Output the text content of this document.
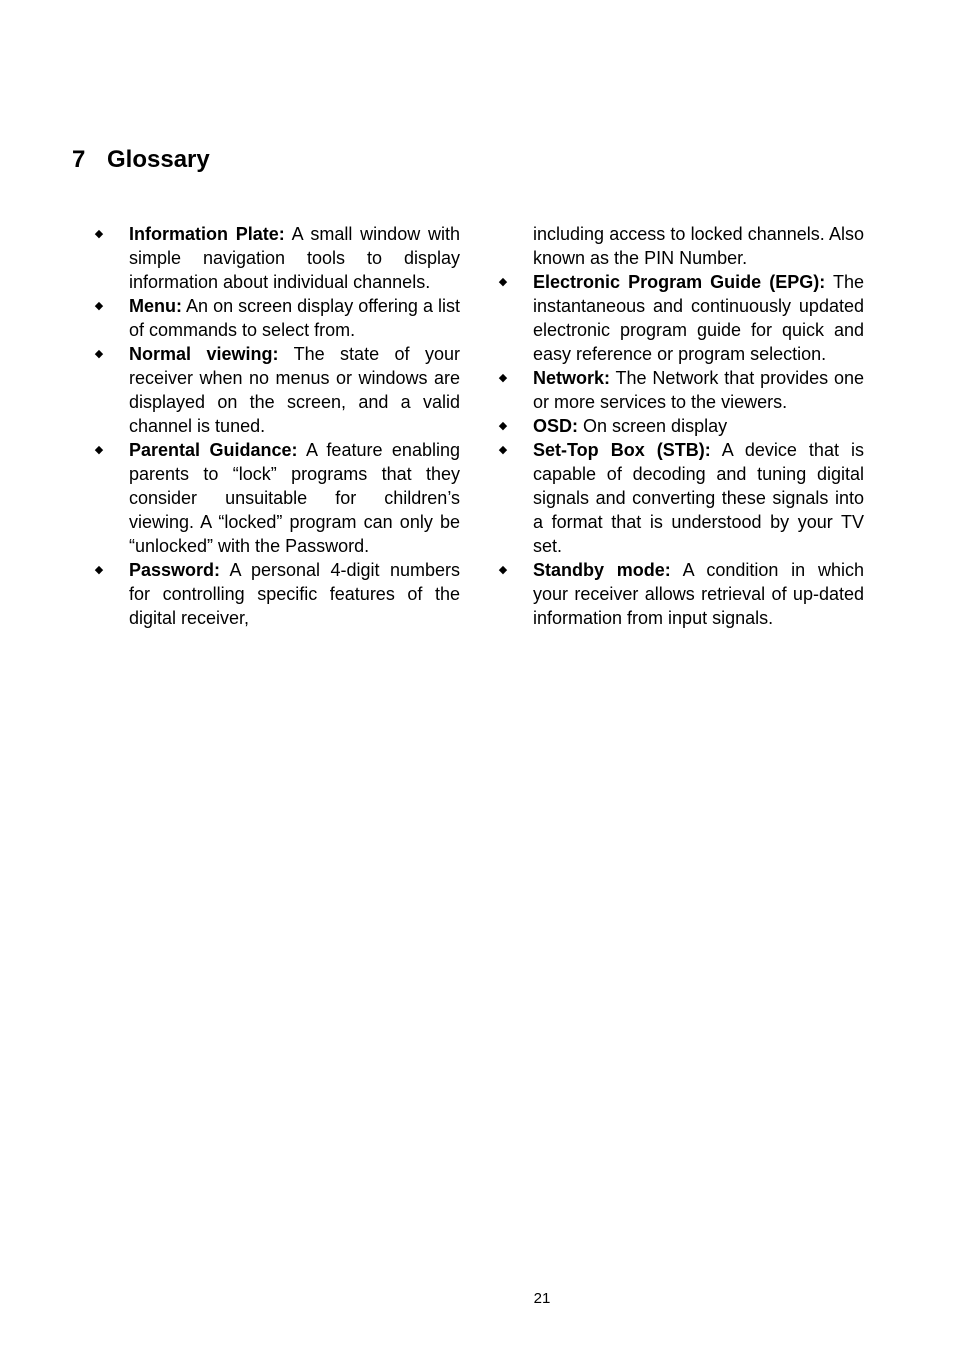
7 Glossary

◆ Information Plate: A small window with simple navigation tools to display information about individual channels.

◆ Menu: An on screen display offering a list of commands to select from.

◆ Normal viewing: The state of your receiver when no menus or windows are displayed on the screen, and a valid channel is tuned.

◆ Parental Guidance: A feature enabling parents to “lock” programs that they consider unsuitable for children’s viewing. A “locked” program can only be “unlocked” with the Password.

◆ Password: A personal 4-digit numbers for controlling specific features of the digital receiver,

including access to locked channels. Also known as the PIN Number.

◆ Electronic Program Guide (EPG): The instantaneous and continuously updated electronic program guide for quick and easy reference or program selection.

◆ Network: The Network that provides one or more services to the viewers.

◆ OSD: On screen display

◆ Set-Top Box (STB): A device that is capable of decoding and tuning digital signals and converting these signals into a format that is understood by your TV set.

◆ Standby mode: A condition in which your receiver allows retrieval of up-dated information from input signals.

21
